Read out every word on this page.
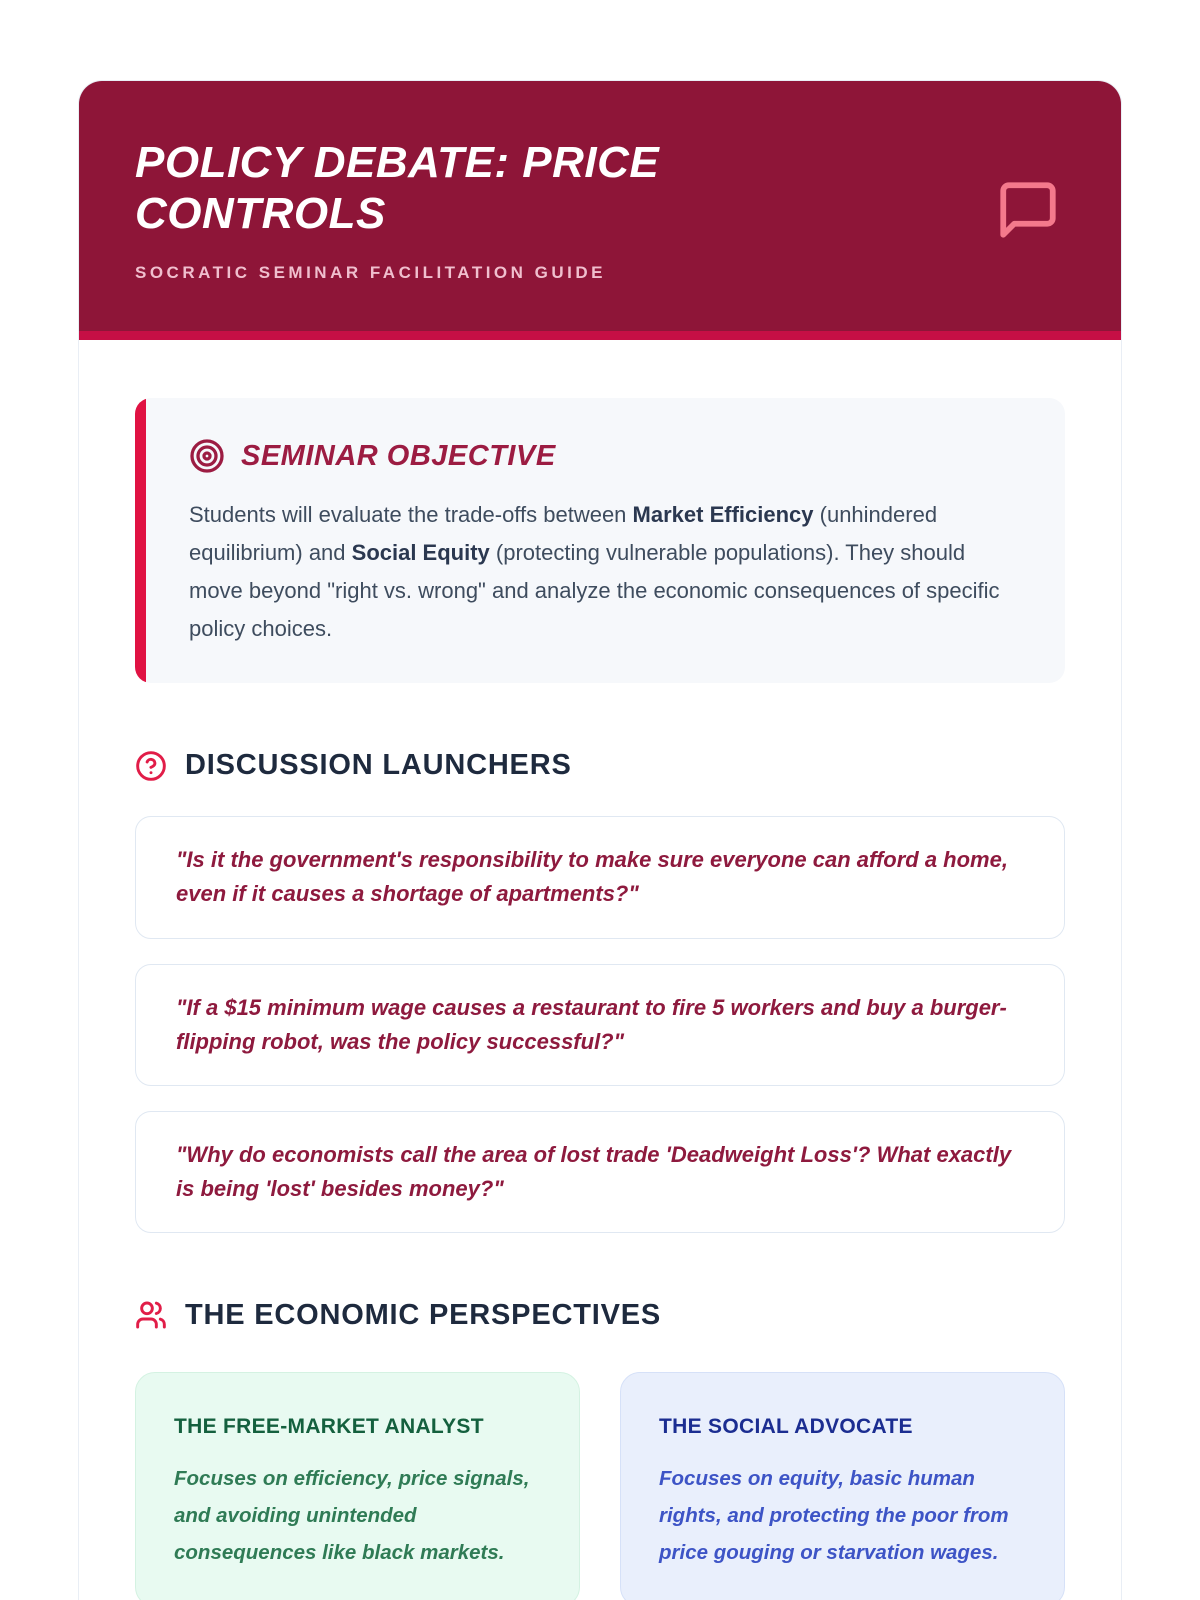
POLICY DEBATE: PRICE CONTROLS
SOCRATIC SEMINAR FACILITATION GUIDE
SEMINAR OBJECTIVE

Students will evaluate the trade-offs between Market Efficiency (unhindered equilibrium) and Social Equity (protecting vulnerable populations). They should move beyond "right vs. wrong" and analyze the economic consequences of specific policy choices.

DISCUSSION LAUNCHERS

"Is it the government's responsibility to make sure everyone can afford a home, even if it causes a shortage of apartments?"

"If a $15 minimum wage causes a restaurant to fire 5 workers and buy a burger-flipping robot, was the policy successful?"

"Why do economists call the area of lost trade 'Deadweight Loss'? What exactly is being 'lost' besides money?"

THE ECONOMIC PERSPECTIVES
THE FREE-MARKET ANALYST

Focuses on efficiency, price signals, and avoiding unintended consequences like black markets.

THE SOCIAL ADVOCATE

Focuses on equity, basic human rights, and protecting the poor from price gouging or starvation wages.
